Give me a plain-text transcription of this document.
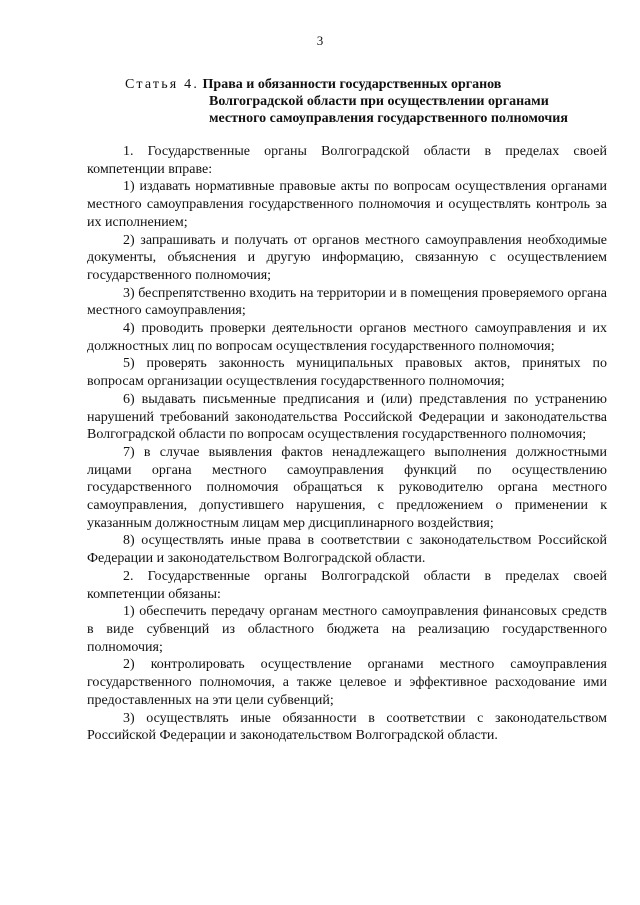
3
Статья 4. Права и обязанности государственных органов
Волгоградской области при осуществлении органами
местного самоуправления государственного полномочия

1. Государственные органы Волгоградской области в пределах своей компетенции вправе:

1) издавать нормативные правовые акты по вопросам осуществления органами местного самоуправления государственного полномочия и осуществлять контроль за их исполнением;

2) запрашивать и получать от органов местного самоуправления необходимые документы, объяснения и другую информацию, связанную с осуществлением государственного полномочия;

3) беспрепятственно входить на территории и в помещения проверяемого органа местного самоуправления;

4) проводить проверки деятельности органов местного самоуправления и их должностных лиц по вопросам осуществления государственного полномочия;

5) проверять законность муниципальных правовых актов, принятых по вопросам организации осуществления государственного полномочия;

6) выдавать письменные предписания и (или) представления по устранению нарушений требований законодательства Российской Федерации и законодательства Волгоградской области по вопросам осуществления государственного полномочия;

7) в случае выявления фактов ненадлежащего выполнения должностными лицами органа местного самоуправления функций по осуществлению государственного полномочия обращаться к руководителю органа местного самоуправления, допустившего нарушения, с предложением о применении к указанным должностным лицам мер дисциплинарного воздействия;

8) осуществлять иные права в соответствии с законодательством Российской Федерации и законодательством Волгоградской области.

2. Государственные органы Волгоградской области в пределах своей компетенции обязаны:

1) обеспечить передачу органам местного самоуправления финансовых средств в виде субвенций из областного бюджета на реализацию государственного полномочия;

2) контролировать осуществление органами местного самоуправления государственного полномочия, а также целевое и эффективное расходование ими предоставленных на эти цели субвенций;

3) осуществлять иные обязанности в соответствии с законодательством Российской Федерации и законодательством Волгоградской области.
